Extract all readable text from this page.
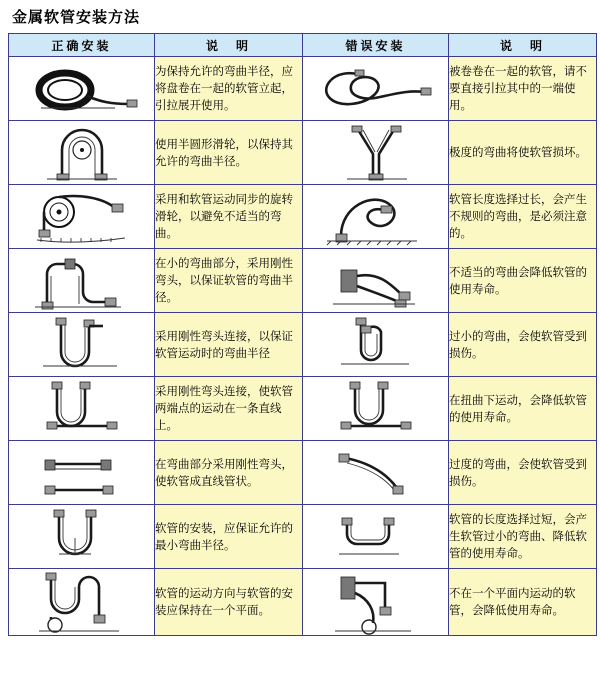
金属软管安装方法
正确安装	说　明	错误安装	说　明

	为保持允许的弯曲半径，应将盘卷在一起的软管立起，引拉展开使用。		被卷卷在一起的软管，请不要直接引拉其中的一端使用。

	使用半圆形滑轮，以保持其允许的弯曲半径。		极度的弯曲将使软管损坏。

	采用和软管运动同步的旋转滑轮，以避免不适当的弯曲。		软管长度选择过长，会产生不规则的弯曲，是必须注意的。

	在小的弯曲部分，采用刚性弯头，以保证软管的弯曲半径。		不适当的弯曲会降低软管的使用寿命。

	采用刚性弯头连接，以保证软管运动时的弯曲半径		过小的弯曲，会使软管受到损伤。

	采用刚性弯头连接，使软管两端点的运动在一条直线上。		在扭曲下运动，会降低软管的使用寿命。

	在弯曲部分采用刚性弯头，使软管成直线管状。		过度的弯曲，会使软管受到损伤。

	软管的安装，应保证允许的最小弯曲半径。		软管的长度选择过短，会产生软管过小的弯曲、降低软管的使用寿命。

	软管的运动方向与软管的安装应保持在一个平面。		不在一个平面内运动的软管，会降低使用寿命。
